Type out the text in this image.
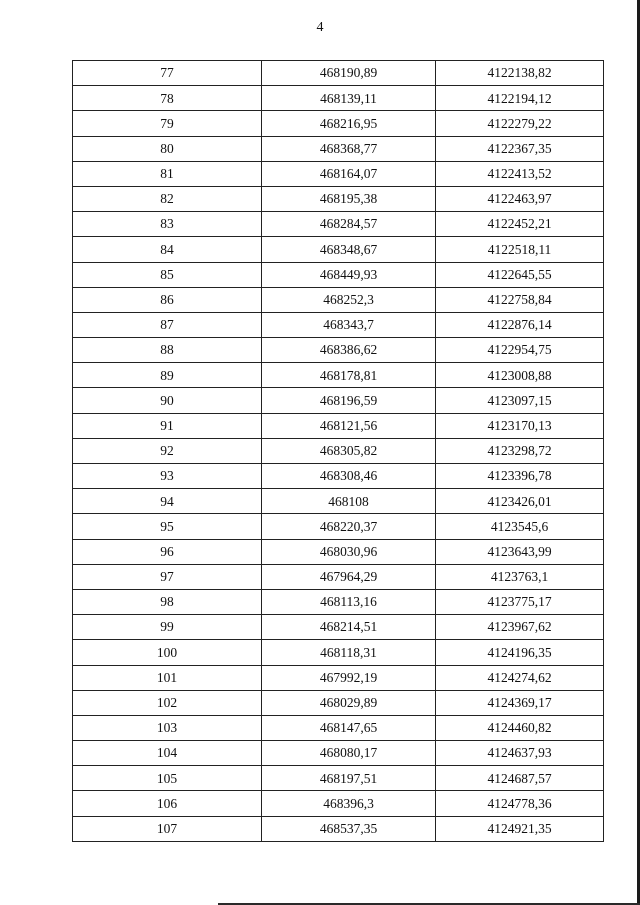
4
77	468190,89	4122138,82
78	468139,11	4122194,12
79	468216,95	4122279,22
80	468368,77	4122367,35
81	468164,07	4122413,52
82	468195,38	4122463,97
83	468284,57	4122452,21
84	468348,67	4122518,11
85	468449,93	4122645,55
86	468252,3	4122758,84
87	468343,7	4122876,14
88	468386,62	4122954,75
89	468178,81	4123008,88
90	468196,59	4123097,15
91	468121,56	4123170,13
92	468305,82	4123298,72
93	468308,46	4123396,78
94	468108	4123426,01
95	468220,37	4123545,6
96	468030,96	4123643,99
97	467964,29	4123763,1
98	468113,16	4123775,17
99	468214,51	4123967,62
100	468118,31	4124196,35
101	467992,19	4124274,62
102	468029,89	4124369,17
103	468147,65	4124460,82
104	468080,17	4124637,93
105	468197,51	4124687,57
106	468396,3	4124778,36
107	468537,35	4124921,35
